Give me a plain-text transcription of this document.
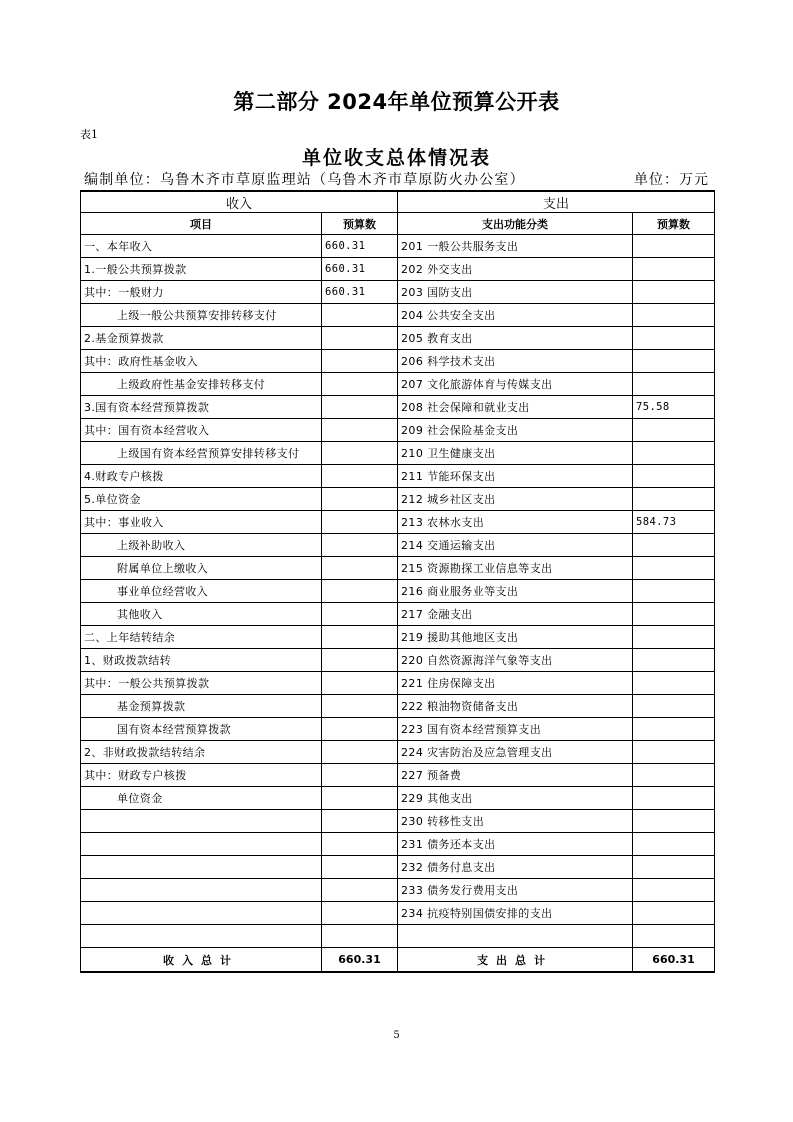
第二部分 2024年单位预算公开表
表1
单位收支总体情况表
编制单位：乌鲁木齐市草原监理站（乌鲁木齐市草原防火办公室）	单位：万元
收入		支出	
项目	预算数	支出功能分类	预算数
一、本年收入	660.31	201 一般公共服务支出	
1.一般公共预算拨款	660.31	202 外交支出	
其中：一般财力	660.31	203 国防支出	
上级一般公共预算安排转移支付		204 公共安全支出	
2.基金预算拨款		205 教育支出	
其中：政府性基金收入		206 科学技术支出	
上级政府性基金安排转移支付		207 文化旅游体育与传媒支出	
3.国有资本经营预算拨款		208 社会保障和就业支出	75.58
其中：国有资本经营收入		209 社会保险基金支出	
上级国有资本经营预算安排转移支付		210 卫生健康支出	
4.财政专户核拨		211 节能环保支出	
5.单位资金		212 城乡社区支出	
其中：事业收入		213 农林水支出	584.73
上级补助收入		214 交通运输支出	
附属单位上缴收入		215 资源勘探工业信息等支出	
事业单位经营收入		216 商业服务业等支出	
其他收入		217 金融支出	
二、上年结转结余		219 援助其他地区支出	
1、财政拨款结转		220 自然资源海洋气象等支出	
其中：一般公共预算拨款		221 住房保障支出	
基金预算拨款		222 粮油物资储备支出	
国有资本经营预算拨款		223 国有资本经营预算支出	
2、非财政拨款结转结余		224 灾害防治及应急管理支出	
其中：财政专户核拨		227 预备费	
单位资金		229 其他支出	
		230 转移性支出	
		231 债务还本支出	
		232 债务付息支出	
		233 债务发行费用支出	
		234 抗疫特别国债安排的支出	

收入总计	660.31	支出总计	660.31
5
